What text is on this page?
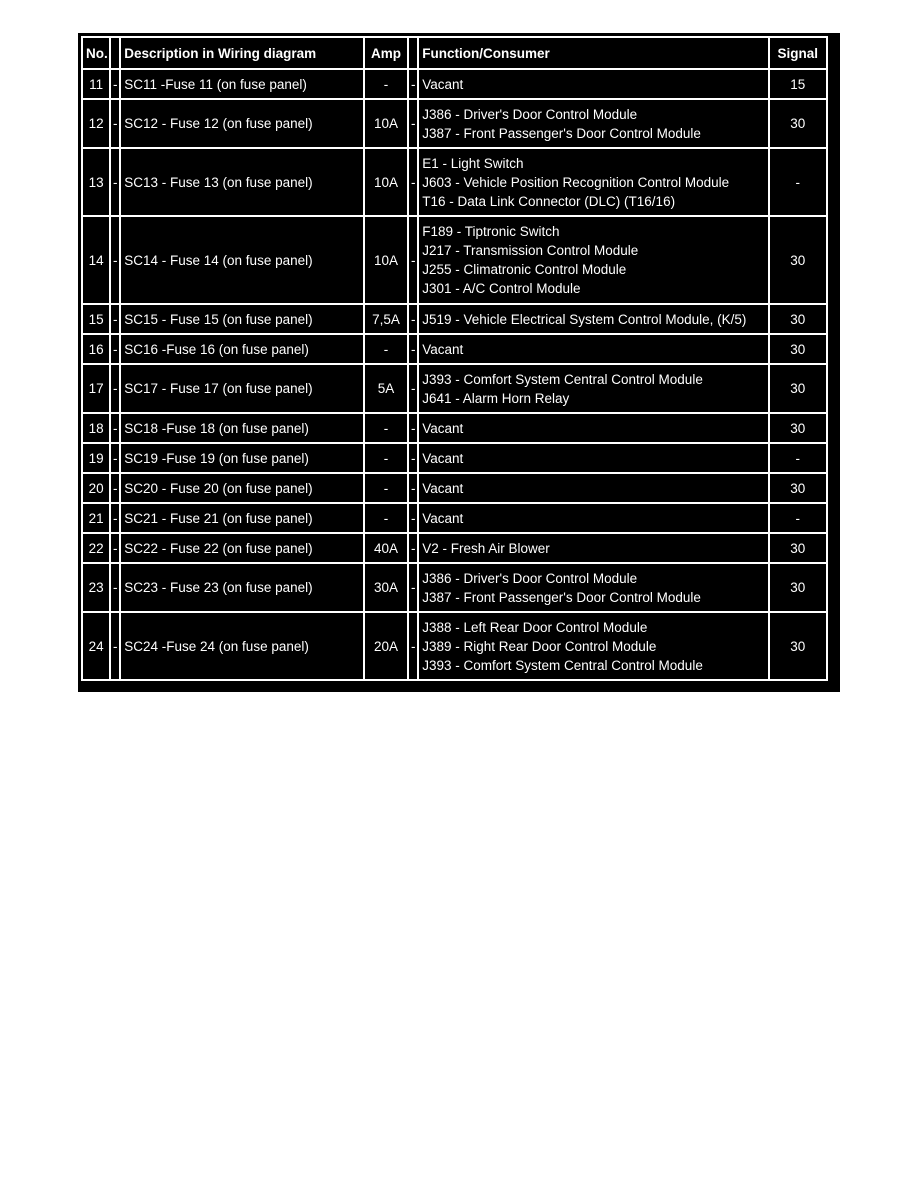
No.		Description in Wiring diagram	Amp		Function/Consumer	Signal
11	-	SC11 -Fuse 11 (on fuse panel)	-	-	Vacant	15
12	-	SC12 - Fuse 12 (on fuse panel)	10A	-	J386 - Driver's Door Control Module
J387 - Front Passenger's Door Control Module	30
13	-	SC13 - Fuse 13 (on fuse panel)	10A	-	E1 - Light Switch
J603 - Vehicle Position Recognition Control Module
T16 - Data Link Connector (DLC) (T16/16)	-
14	-	SC14 - Fuse 14 (on fuse panel)	10A	-	F189 - Tiptronic Switch
J217 - Transmission Control Module
J255 - Climatronic Control Module
J301 - A/C Control Module	30
15	-	SC15 - Fuse 15 (on fuse panel)	7,5A	-	J519 - Vehicle Electrical System Control Module, (K/5)	30
16	-	SC16 -Fuse 16 (on fuse panel)	-	-	Vacant	30
17	-	SC17 - Fuse 17 (on fuse panel)	5A	-	J393 - Comfort System Central Control Module
J641 - Alarm Horn Relay	30
18	-	SC18 -Fuse 18 (on fuse panel)	-	-	Vacant	30
19	-	SC19 -Fuse 19 (on fuse panel)	-	-	Vacant	-
20	-	SC20 - Fuse 20 (on fuse panel)	-	-	Vacant	30
21	-	SC21 - Fuse 21 (on fuse panel)	-	-	Vacant	-
22	-	SC22 - Fuse 22 (on fuse panel)	40A	-	V2 - Fresh Air Blower	30
23	-	SC23 - Fuse 23 (on fuse panel)	30A	-	J386 - Driver's Door Control Module
J387 - Front Passenger's Door Control Module	30
24	-	SC24 -Fuse 24 (on fuse panel)	20A	-	J388 - Left Rear Door Control Module
J389 - Right Rear Door Control Module
J393 - Comfort System Central Control Module	30
